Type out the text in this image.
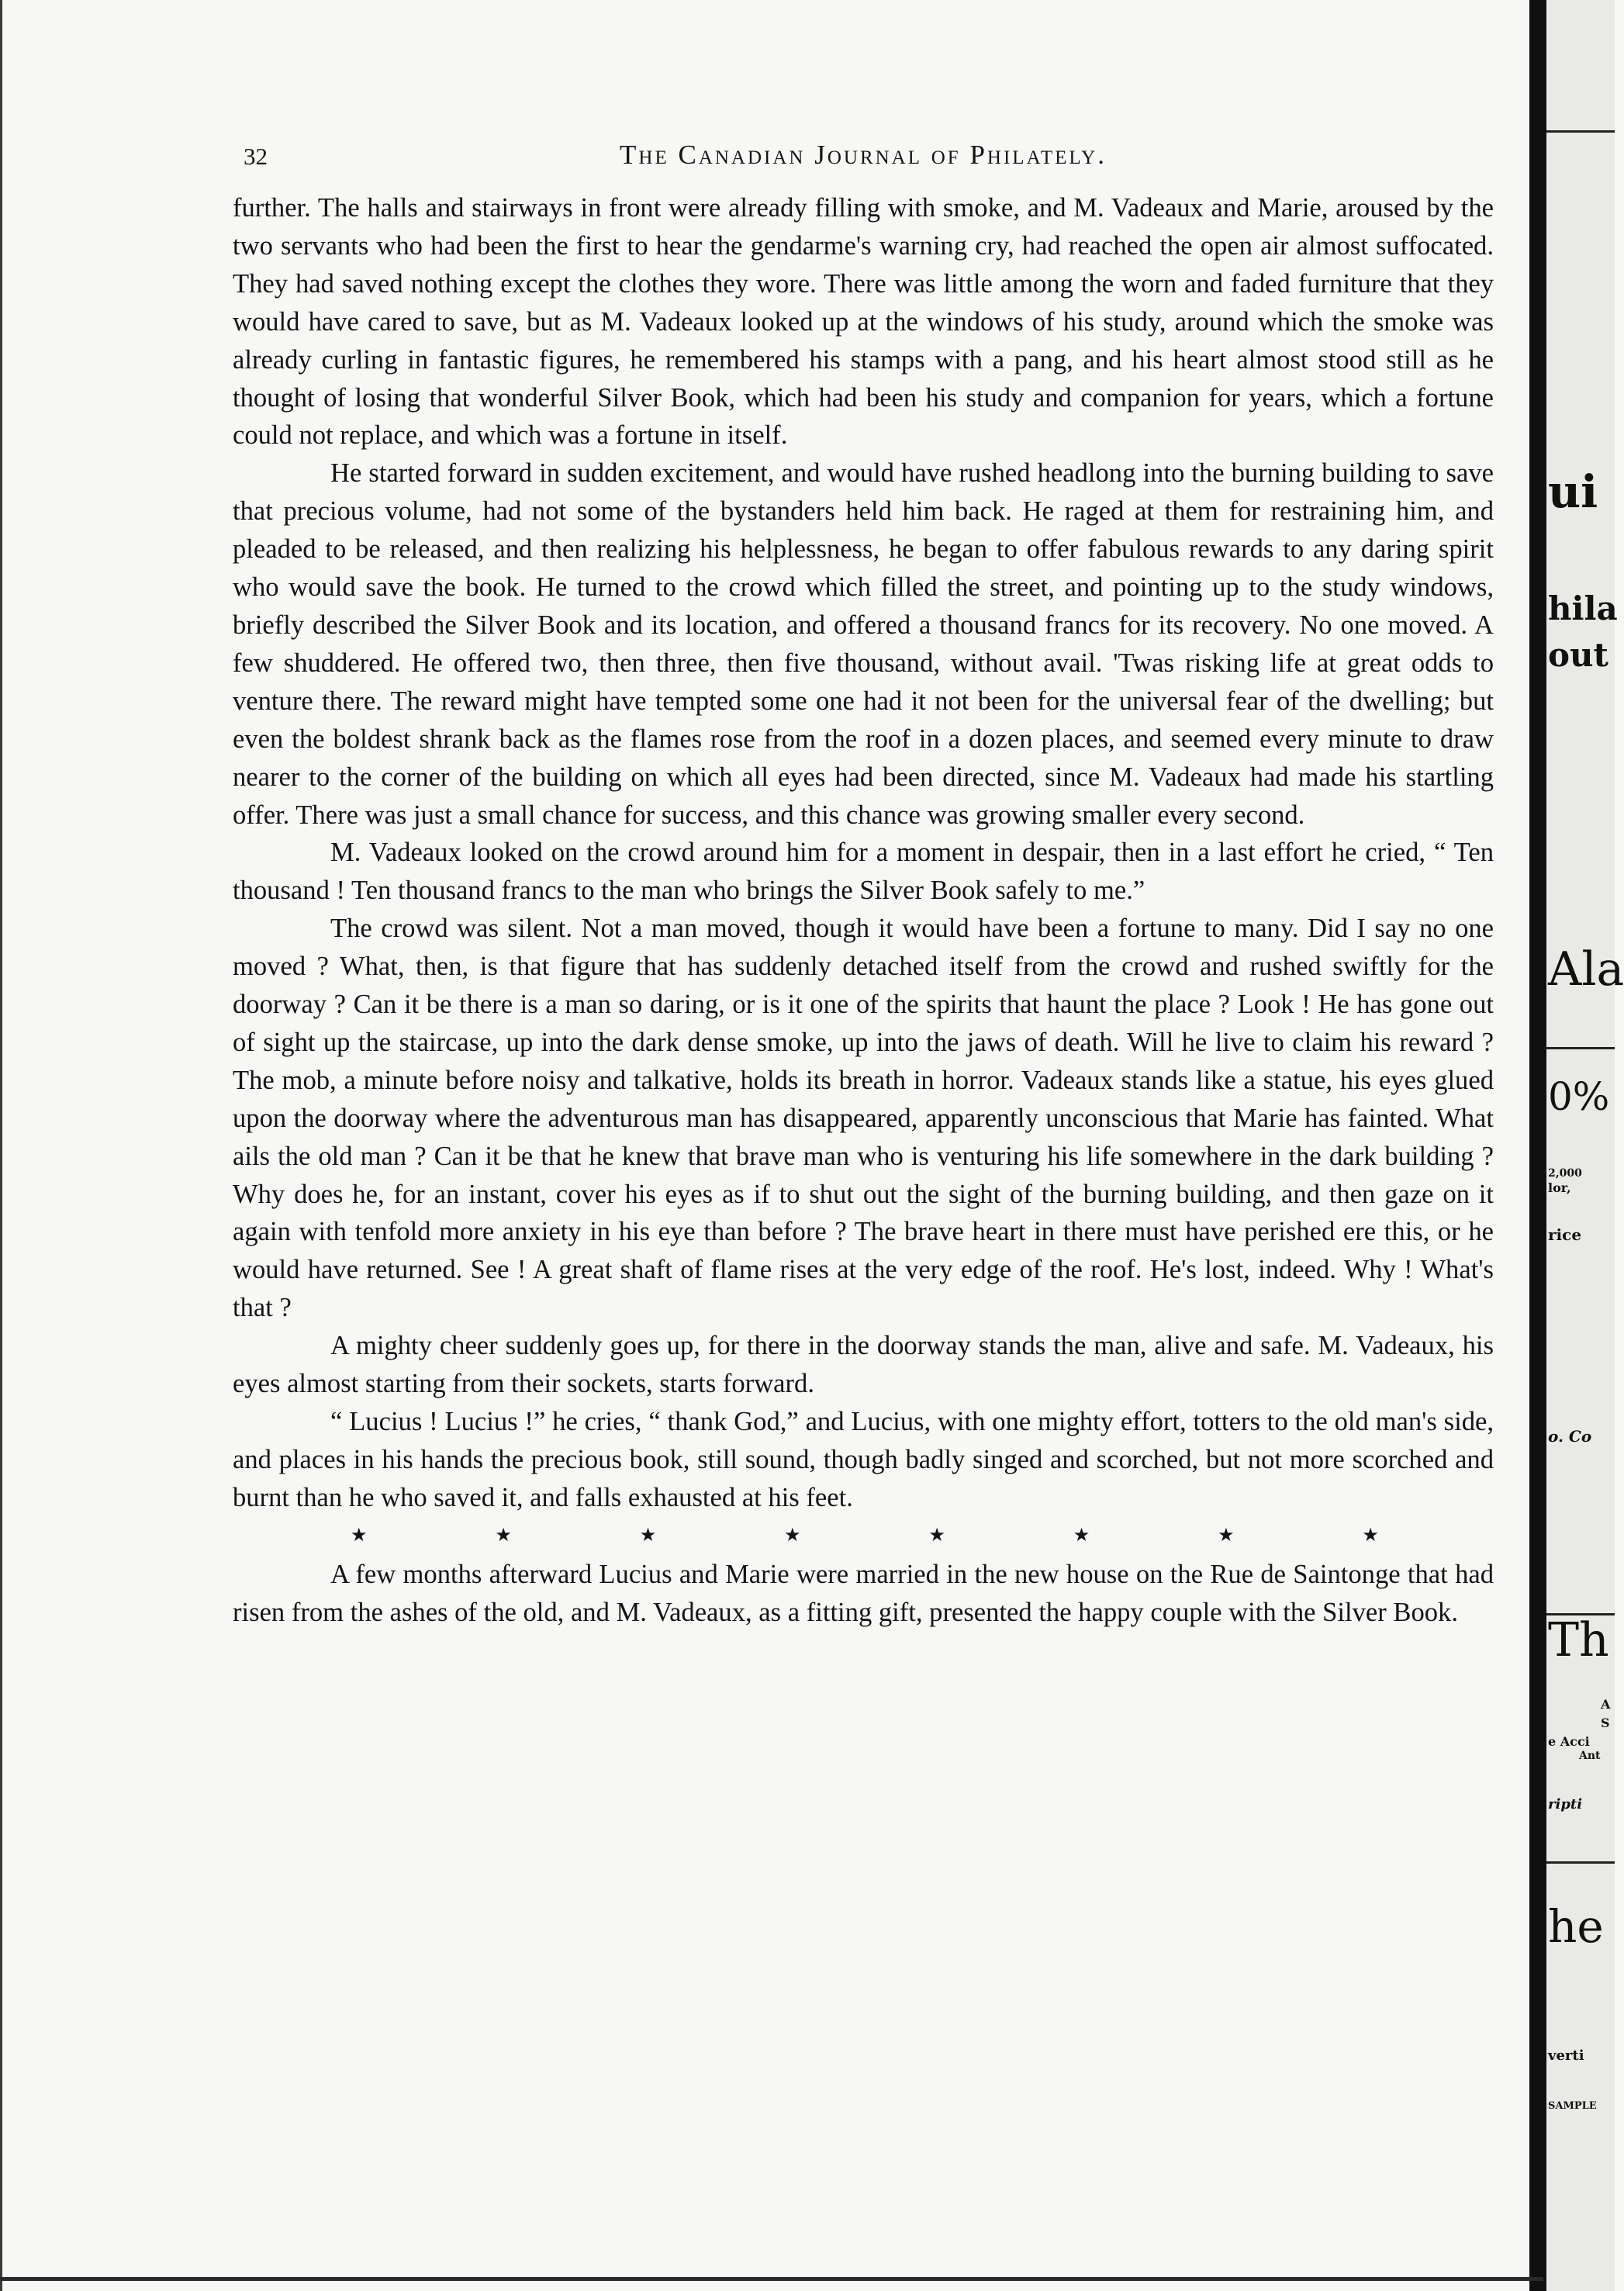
ui
hila
out
Ala
0%
2,000
lor,
rice
o. Co
Th
A
S
e Acci
Ant
ripti
he
verti
SAMPLE
32	The Canadian Journal of Philately.

further. The halls and stairways in front were already filling with smoke, and M. Vadeaux and Marie, aroused by the two servants who had been the first to hear the gendarme's warning cry, had reached the open air almost suffocated. They had saved nothing except the clothes they wore. There was little among the worn and faded furniture that they would have cared to save, but as M. Vadeaux looked up at the windows of his study, around which the smoke was already curling in fantastic figures, he remembered his stamps with a pang, and his heart almost stood still as he thought of losing that wonderful Silver Book, which had been his study and companion for years, which a fortune could not replace, and which was a fortune in itself.

He started forward in sudden excitement, and would have rushed headlong into the burning building to save that precious volume, had not some of the bystanders held him back. He raged at them for restraining him, and pleaded to be released, and then realizing his helplessness, he began to offer fabulous rewards to any daring spirit who would save the book. He turned to the crowd which filled the street, and pointing up to the study windows, briefly described the Silver Book and its location, and offered a thousand francs for its recovery. No one moved. A few shuddered. He offered two, then three, then five thousand, without avail. 'Twas risking life at great odds to venture there. The reward might have tempted some one had it not been for the universal fear of the dwelling; but even the boldest shrank back as the flames rose from the roof in a dozen places, and seemed every minute to draw nearer to the corner of the building on which all eyes had been directed, since M. Vadeaux had made his startling offer. There was just a small chance for success, and this chance was growing smaller every second.

M. Vadeaux looked on the crowd around him for a moment in despair, then in a last effort he cried, “ Ten thousand ! Ten thousand francs to the man who brings the Silver Book safely to me.”

The crowd was silent. Not a man moved, though it would have been a fortune to many. Did I say no one moved ? What, then, is that figure that has suddenly detached itself from the crowd and rushed swiftly for the doorway ? Can it be there is a man so daring, or is it one of the spirits that haunt the place ? Look ! He has gone out of sight up the staircase, up into the dark dense smoke, up into the jaws of death. Will he live to claim his reward ? The mob, a minute before noisy and talkative, holds its breath in horror. Vadeaux stands like a statue, his eyes glued upon the doorway where the adventurous man has disappeared, apparently unconscious that Marie has fainted. What ails the old man ? Can it be that he knew that brave man who is venturing his life somewhere in the dark building ? Why does he, for an instant, cover his eyes as if to shut out the sight of the burning building, and then gaze on it again with tenfold more anxiety in his eye than before ? The brave heart in there must have perished ere this, or he would have returned. See ! A great shaft of flame rises at the very edge of the roof. He's lost, indeed. Why ! What's that ?

A mighty cheer suddenly goes up, for there in the doorway stands the man, alive and safe. M. Vadeaux, his eyes almost starting from their sockets, starts forward.

“ Lucius ! Lucius !” he cries, “ thank God,” and Lucius, with one mighty effort, totters to the old man's side, and places in his hands the precious book, still sound, though badly singed and scorched, but not more scorched and burnt than he who saved it, and falls exhausted at his feet.

★	★	★	★	★	★	★	★

A few months afterward Lucius and Marie were married in the new house on the Rue de Saintonge that had risen from the ashes of the old, and M. Vadeaux, as a fitting gift, presented the happy couple with the Silver Book.
